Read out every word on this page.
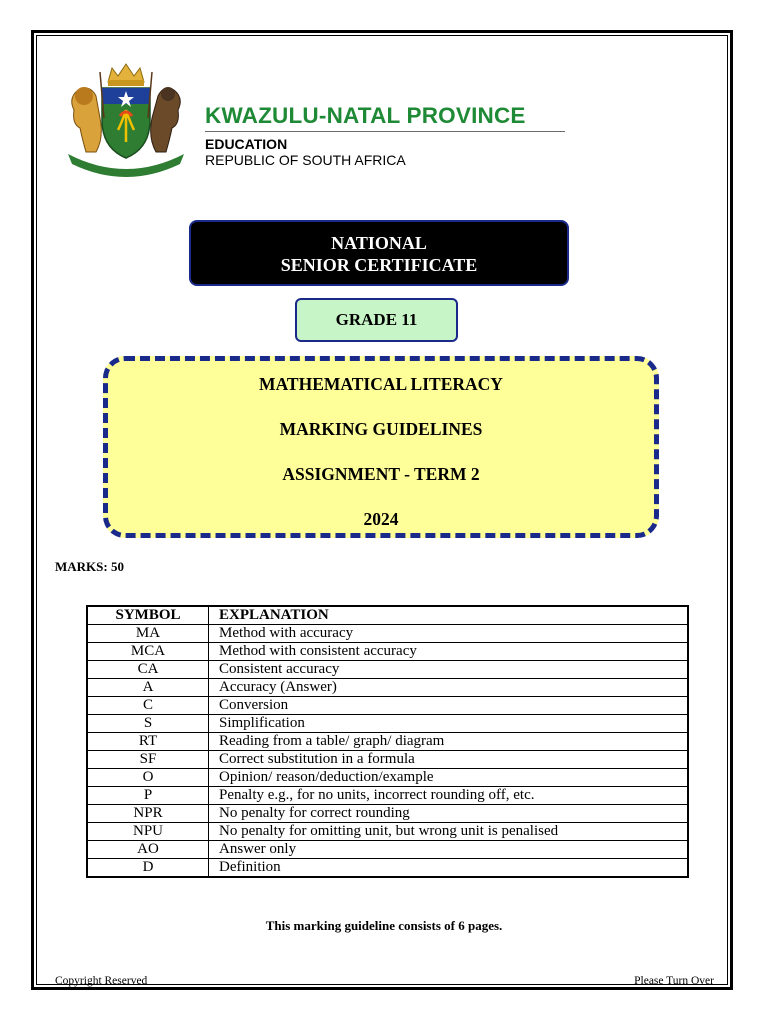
KWAZULU-NATAL PROVINCE
EDUCATION
REPUBLIC OF SOUTH AFRICA
NATIONAL
SENIOR CERTIFICATE
GRADE 11
MATHEMATICAL LITERACY
MARKING GUIDELINES
ASSIGNMENT - TERM 2
2024
MARKS: 50
SYMBOL	EXPLANATION
MA	Method with accuracy
MCA	Method with consistent accuracy
CA	Consistent accuracy
A	Accuracy (Answer)
C	Conversion
S	Simplification
RT	Reading from a table/ graph/ diagram
SF	Correct substitution in a formula
O	Opinion/ reason/deduction/example
P	Penalty e.g., for no units, incorrect rounding off, etc.
NPR	No penalty for correct rounding
NPU	No penalty for omitting unit, but wrong unit is penalised
AO	Answer only
D	Definition
This marking guideline consists of 6 pages.
Copyright Reserved	Please Turn Over
